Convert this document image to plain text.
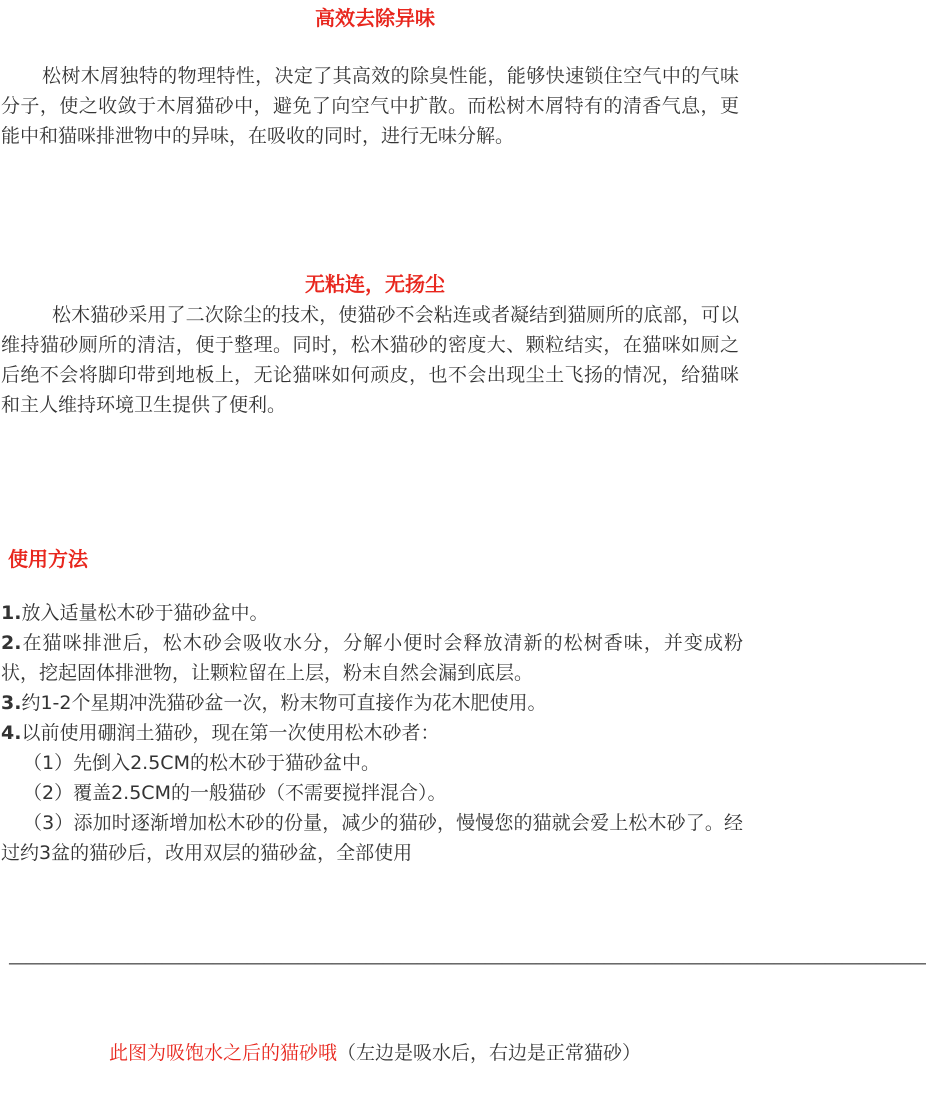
高效去除异味
松树木屑独特的物理特性，决定了其高效的除臭性能，能够快速锁住空气中的气味分子，使之收敛于木屑猫砂中，避免了向空气中扩散。而松树木屑特有的清香气息，更能中和猫咪排泄物中的异味，在吸收的同时，进行无味分解。
无粘连，无扬尘
松木猫砂采用了二次除尘的技术，使猫砂不会粘连或者凝结到猫厕所的底部，可以维持猫砂厕所的清洁，便于整理。同时，松木猫砂的密度大、颗粒结实，在猫咪如厕之后绝不会将脚印带到地板上，无论猫咪如何顽皮，也不会出现尘土飞扬的情况，给猫咪和主人维持环境卫生提供了便利。
使用方法
1.放入适量松木砂于猫砂盆中。
2.在猫咪排泄后，松木砂会吸收水分，分解小便时会释放清新的松树香味，并变成粉状，挖起固体排泄物，让颗粒留在上层，粉末自然会漏到底层。
3.约1-2个星期冲洗猫砂盆一次，粉末物可直接作为花木肥使用。
4.以前使用硼润土猫砂，现在第一次使用松木砂者：
（1）先倒入2.5CM的松木砂于猫砂盆中。
（2）覆盖2.5CM的一般猫砂（不需要搅拌混合）。
（3）添加时逐渐增加松木砂的份量，减少的猫砂，慢慢您的猫就会爱上松木砂了。经过约3盆的猫砂后，改用双层的猫砂盆，全部使用
——————————————————————————————————————————————————————
此图为吸饱水之后的猫砂哦（左边是吸水后，右边是正常猫砂）
